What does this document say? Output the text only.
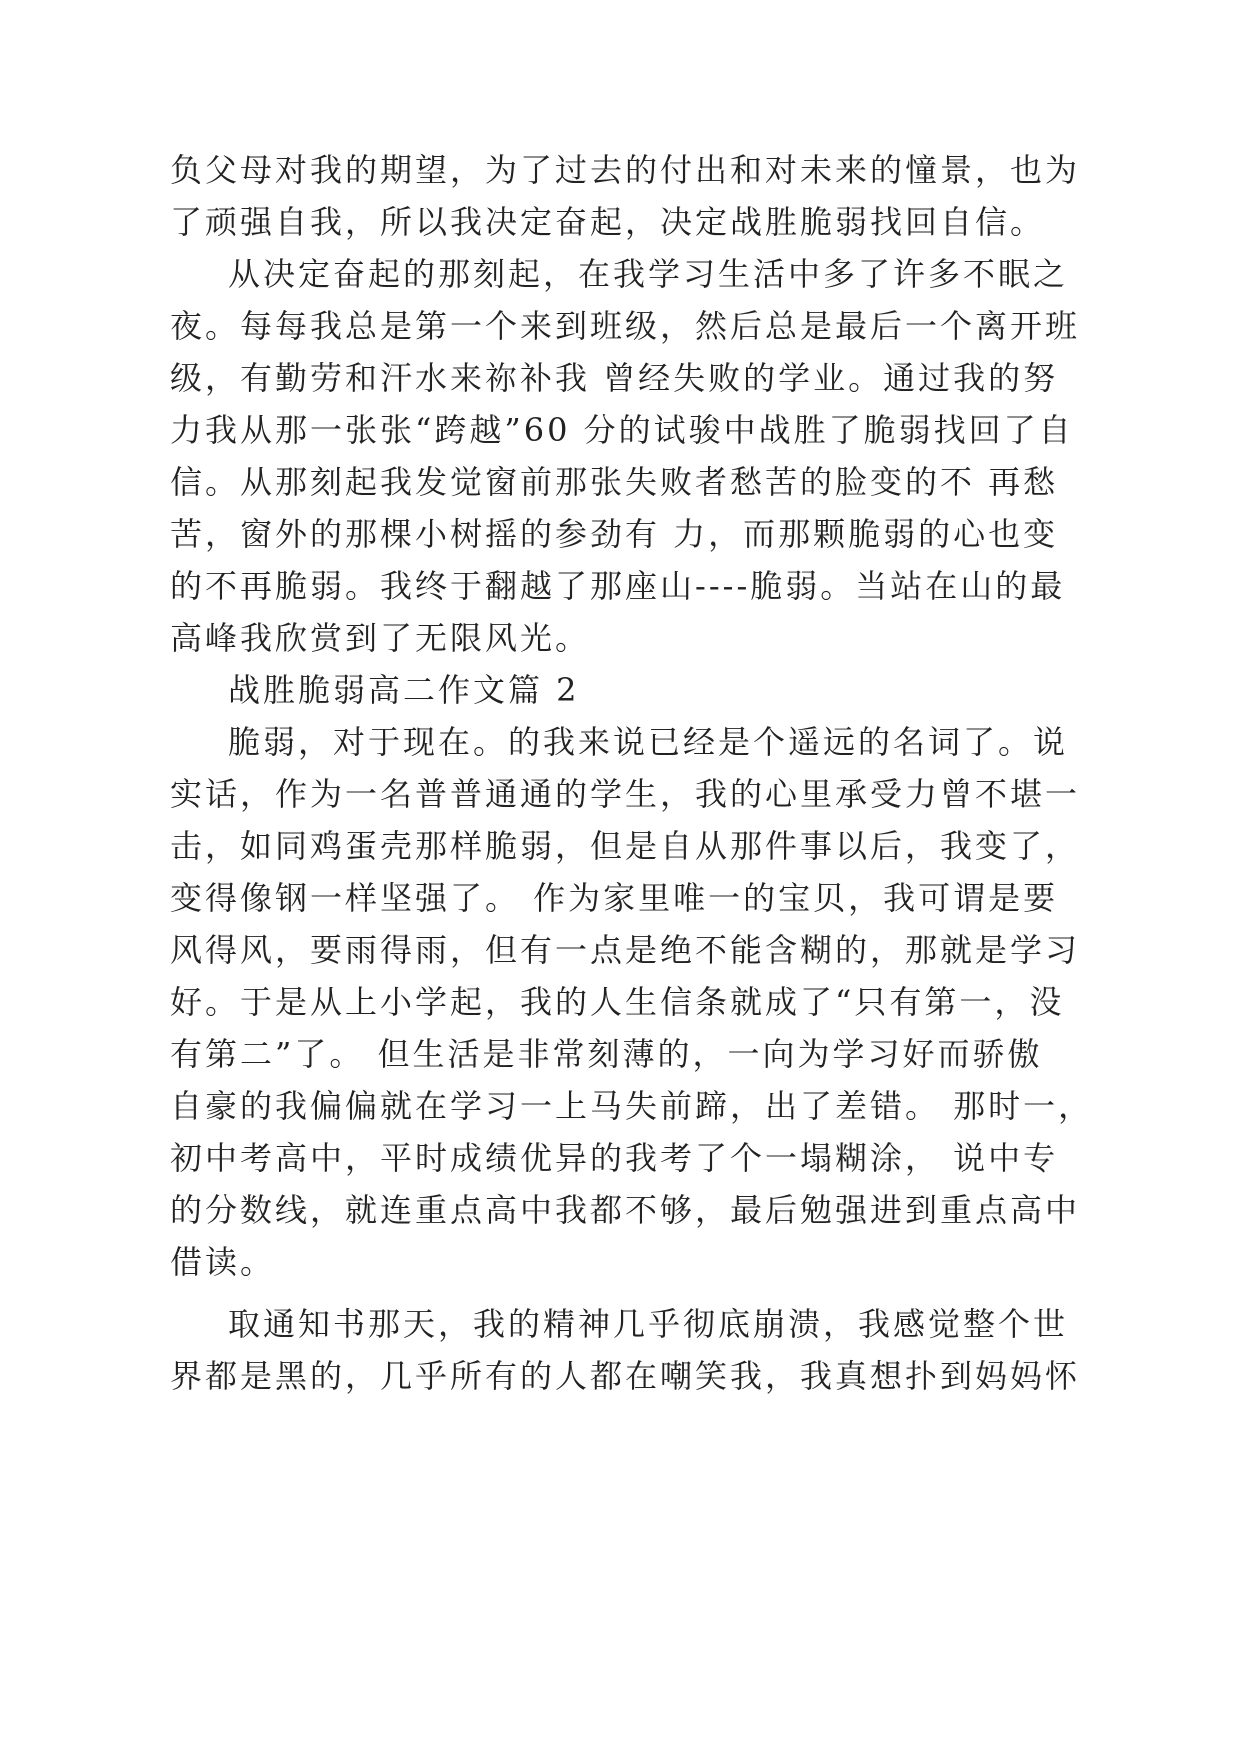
负父母对我的期望，为了过去的付出和对未来的憧景，也为
了顽强自我，所以我决定奋起，决定战胜脆弱找回自信。
从决定奋起的那刻起，在我学习生活中多了许多不眠之
夜。每每我总是第一个来到班级，然后总是最后一个离开班
级，有勤劳和汗水来祢补我 曾经失败的学业。通过我的努
力我从那一张张“跨越”60 分的试骏中战胜了脆弱找回了自
信。从那刻起我发觉窗前那张失败者愁苦的脸变的不 再愁
苦，窗外的那棵小树摇的参劲有 力，而那颗脆弱的心也变
的不再脆弱。我终于翻越了那座山----脆弱。当站在山的最
高峰我欣赏到了无限风光。
战胜脆弱高二作文篇 2
脆弱，对于现在。的我来说已经是个遥远的名词了。说
实话，作为一名普普通通的学生，我的心里承受力曾不堪一
击，如同鸡蛋壳那样脆弱，但是自从那件事以后，我变了，
变得像钢一样坚强了。 作为家里唯一的宝贝，我可谓是要
风得风，要雨得雨，但有一点是绝不能含糊的，那就是学习
好。于是从上小学起，我的人生信条就成了“只有第一，没
有第二”了。 但生活是非常刻薄的，一向为学习好而骄傲
自豪的我偏偏就在学习一上马失前蹄，出了差错。 那时一，
初中考高中，平时成绩优异的我考了个一塌糊涂， 说中专
的分数线，就连重点高中我都不够，最后勉强进到重点高中
借读。
取通知书那天，我的精神几乎彻底崩溃，我感觉整个世
界都是黑的，几乎所有的人都在嘲笑我，我真想扑到妈妈怀
